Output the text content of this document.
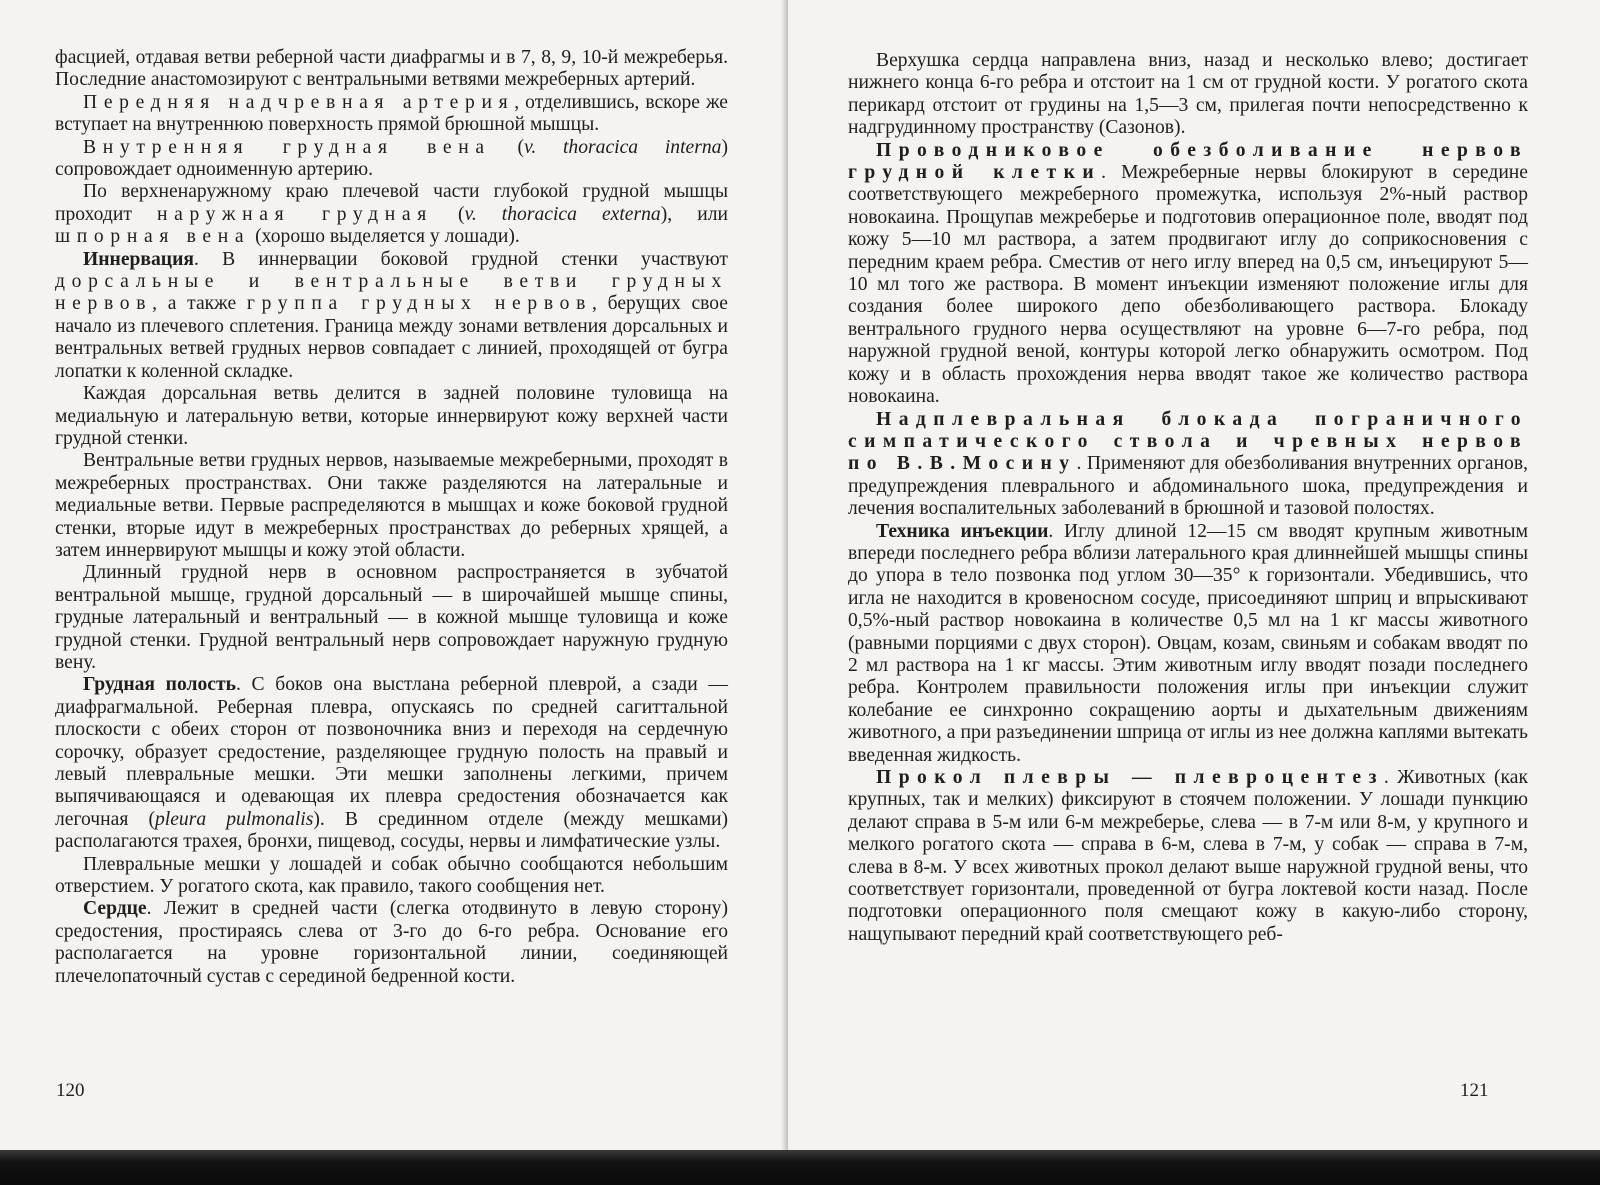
фасцией, отдавая ветви реберной части диафрагмы и в 7, 8, 9, 10-й межреберья. Последние анастомозируют с вентральными ветвями межреберных артерий.

Передняя надчревная артерия, отделившись, вскоре же вступает на внутреннюю поверхность прямой брюшной мышцы.

Внутренняя грудная вена (v. thoracica interna) сопровождает одноименную артерию.

По верхненаружному краю плечевой части глубокой грудной мышцы проходит наружная грудная (v. thoracica externa), или шпорная вена (хорошо выделяется у лошади).

Иннервация. В иннервации боковой грудной стенки участвуют дорсальные и вентральные ветви грудных нервов, а также группа грудных нервов, берущих свое начало из плечевого сплетения. Граница между зонами ветвления дорсальных и вентральных ветвей грудных нервов совпадает с линией, проходящей от бугра лопатки к коленной складке.

Каждая дорсальная ветвь делится в задней половине туловища на медиальную и латеральную ветви, которые иннервируют кожу верхней части грудной стенки.

Вентральные ветви грудных нервов, называемые межреберными, проходят в межреберных пространствах. Они также разделяются на латеральные и медиальные ветви. Первые распределяются в мышцах и коже боковой грудной стенки, вторые идут в межреберных пространствах до реберных хрящей, а затем иннервируют мышцы и кожу этой области.

Длинный грудной нерв в основном распространяется в зубчатой вентральной мышце, грудной дорсальный — в широчайшей мышце спины, грудные латеральный и вентральный — в кожной мышце туловища и коже грудной стенки. Грудной вентральный нерв сопровождает наружную грудную вену.

Грудная полость. С боков она выстлана реберной плеврой, а сзади — диафрагмальной. Реберная плевра, опускаясь по средней сагиттальной плоскости с обеих сторон от позвоночника вниз и переходя на сердечную сорочку, образует средостение, разделяющее грудную полость на правый и левый плевральные мешки. Эти мешки заполнены легкими, причем выпячивающаяся и одевающая их плевра средостения обозначается как легочная (pleura pulmonalis). В срединном отделе (между мешками) располагаются трахея, бронхи, пищевод, сосуды, нервы и лимфатические узлы.

Плевральные мешки у лошадей и собак обычно сообщаются небольшим отверстием. У рогатого скота, как правило, такого сообщения нет.

Сердце. Лежит в средней части (слегка отодвинуто в левую сторону) средостения, простираясь слева от 3-го до 6-го ребра. Основание его располагается на уровне горизонтальной линии, соединяющей плечелопаточный сустав с серединой бедренной кости.

120

Верхушка сердца направлена вниз, назад и несколько влево; достигает нижнего конца 6-го ребра и отстоит на 1 см от грудной кости. У рогатого скота перикард отстоит от грудины на 1,5—3 см, прилегая почти непосредственно к надгрудинному пространству (Сазонов).

Проводниковое обезболивание нервов грудной клетки. Межреберные нервы блокируют в середине соответствующего межреберного промежутка, используя 2%-ный раствор новокаина. Прощупав межреберье и подготовив операционное поле, вводят под кожу 5—10 мл раствора, а затем продвигают иглу до соприкосновения с передним краем ребра. Сместив от него иглу вперед на 0,5 см, инъецируют 5—10 мл того же раствора. В момент инъекции изменяют положение иглы для создания более широкого депо обезболивающего раствора. Блокаду вентрального грудного нерва осуществляют на уровне 6—7-го ребра, под наружной грудной веной, контуры которой легко обнаружить осмотром. Под кожу и в область прохождения нерва вводят такое же количество раствора новокаина.

Надплевральная блокада пограничного симпатического ствола и чревных нервов по В.В.Мосину. Применяют для обезболивания внутренних органов, предупреждения плеврального и абдоминального шока, предупреждения и лечения воспалительных заболеваний в брюшной и тазовой полостях.

Техника инъекции. Иглу длиной 12—15 см вводят крупным животным впереди последнего ребра вблизи латерального края длиннейшей мышцы спины до упора в тело позвонка под углом 30—35° к горизонтали. Убедившись, что игла не находится в кровеносном сосуде, присоединяют шприц и впрыскивают 0,5%-ный раствор новокаина в количестве 0,5 мл на 1 кг массы животного (равными порциями с двух сторон). Овцам, козам, свиньям и собакам вводят по 2 мл раствора на 1 кг массы. Этим животным иглу вводят позади последнего ребра. Контролем правильности положения иглы при инъекции служит колебание ее синхронно сокращению аорты и дыхательным движениям животного, а при разъединении шприца от иглы из нее должна каплями вытекать введенная жидкость.

Прокол плевры — плевроцентез. Животных (как крупных, так и мелких) фиксируют в стоячем положении. У лошади пункцию делают справа в 5-м или 6-м межреберье, слева — в 7-м или 8-м, у крупного и мелкого рогатого скота — справа в 6-м, слева в 7-м, у собак — справа в 7-м, слева в 8-м. У всех животных прокол делают выше наружной грудной вены, что соответствует горизонтали, проведенной от бугра локтевой кости назад. После подготовки операционного поля смещают кожу в какую-либо сторону, нащупывают передний край соответствующего реб-

121
